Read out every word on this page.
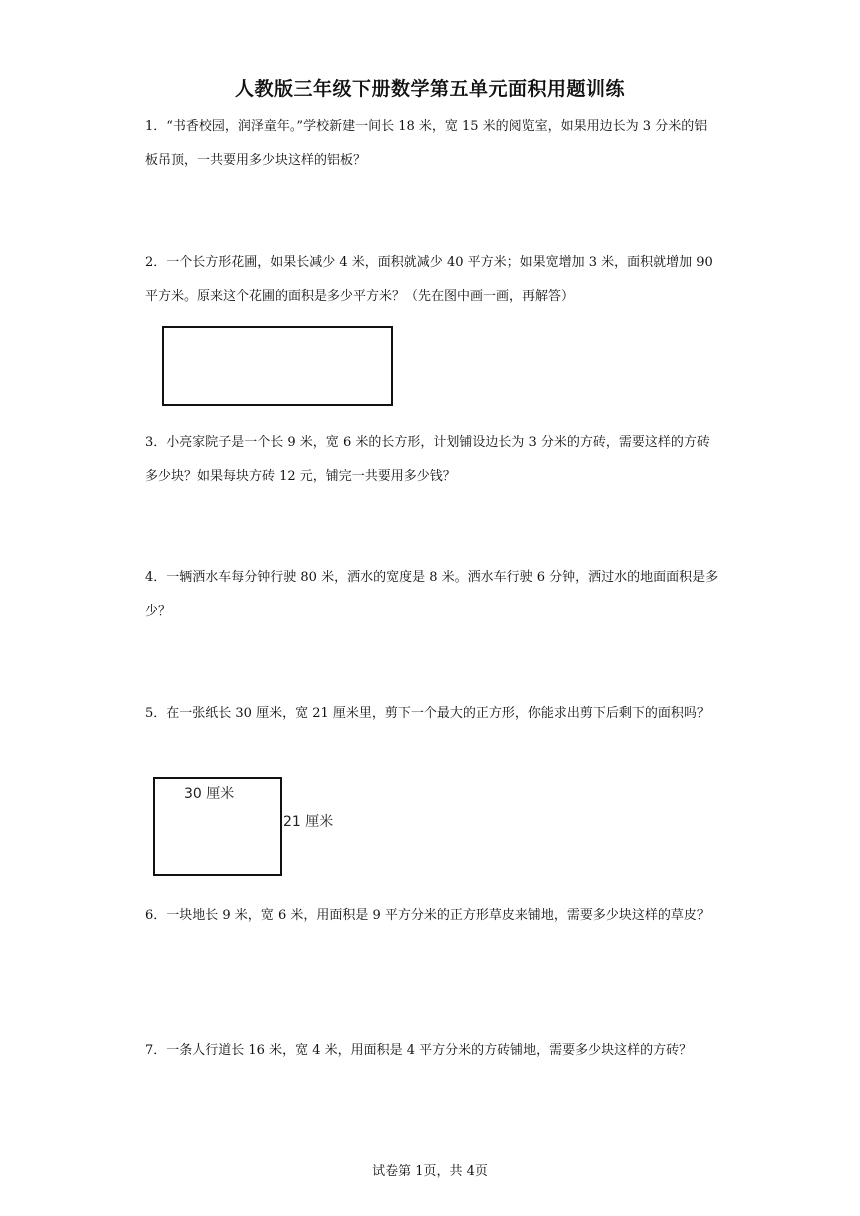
人教版三年级下册数学第五单元面积用题训练
1．“书香校园，润泽童年。”学校新建一间长 18 米，宽 15 米的阅览室，如果用边长为 3 分米的铝板吊顶，一共要用多少块这样的铝板？
2．一个长方形花圃，如果长减少 4 米，面积就减少 40 平方米；如果宽增加 3 米，面积就增加 90 平方米。原来这个花圃的面积是多少平方米？（先在图中画一画，再解答）
3．小亮家院子是一个长 9 米，宽 6 米的长方形，计划铺设边长为 3 分米的方砖，需要这样的方砖多少块？如果每块方砖 12 元，铺完一共要用多少钱？
4．一辆洒水车每分钟行驶 80 米，洒水的宽度是 8 米。洒水车行驶 6 分钟，洒过水的地面面积是多少？
5．在一张纸长 30 厘米，宽 21 厘米里，剪下一个最大的正方形，你能求出剪下后剩下的面积吗？
30 厘米
21 厘米
6．一块地长 9 米，宽 6 米，用面积是 9 平方分米的正方形草皮来铺地，需要多少块这样的草皮？
7．一条人行道长 16 米，宽 4 米，用面积是 4 平方分米的方砖铺地，需要多少块这样的方砖？
试卷第 1页，共 4页
